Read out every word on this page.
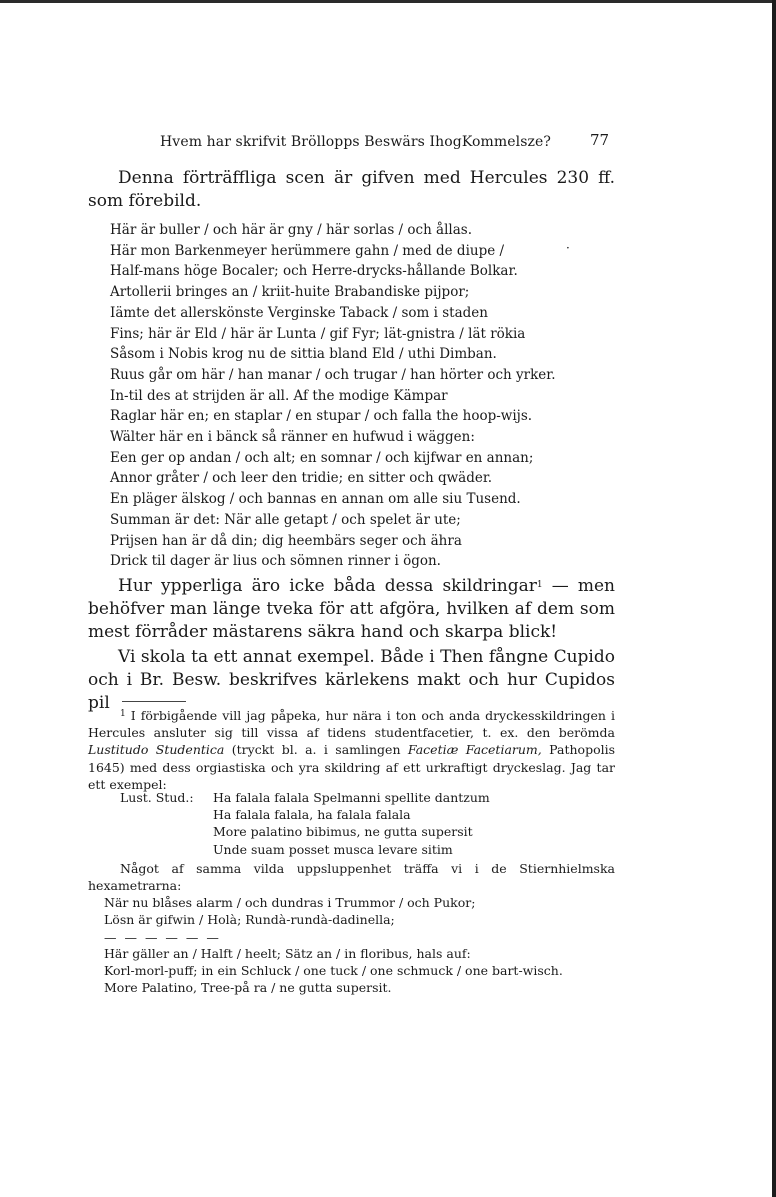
Hvem har skrifvit Bröllopps Beswärs IhogKommelsze?	77
Denna förträffliga scen är gifven med Hercules 230 ff. som förebild.
·
Här är buller / och här är gny / här sorlas / och ållas.
Här mon Barkenmeyer herümmere gahn / med de diupe /
Half-mans höge Bocaler; och Herre-drycks-hållande Bolkar.
Artollerii bringes an / kriit-huite Brabandiske pijpor;
Iämte det allerskönste Verginske Taback / som i staden
Fins; här är Eld / här är Lunta / gif Fyr; lät-gnistra / lät rökia
Såsom i Nobis krog nu de sittia bland Eld / uthi Dimban.
Ruus går om här / han manar / och trugar / han hörter och yrker.
In-til des at strijden är all. Af the modige Kämpar
Raglar här en; en staplar / en stupar / och falla the hoop-wijs.
Wälter här en i bänck så ränner en hufwud i wäggen:
Een ger op andan / och alt; en somnar / och kijfwar en annan;
Annor gråter / och leer den tridie; en sitter och qwäder.
En pläger älskog / och bannas en annan om alle siu Tusend.
Summan är det: När alle getapt / och spelet är ute;
Prijsen han är då din; dig heembärs seger och ähra
Drick til dager är lius och sömnen rinner i ögon.
Hur ypperliga äro icke båda dessa skildringar$^1$ — men behöfver man länge tveka för att afgöra, hvilken af dem som mest förråder mästarens säkra hand och skarpa blick!
Vi skola ta ett annat exempel. Både i Then fångne Cupido och i Br. Besw. beskrifves kärlekens makt och hur Cupidos pil
$^1$ I förbigående vill jag påpeka, hur nära i ton och anda dryckesskildringen i Hercules ansluter sig till vissa af tidens studentfacetier, t. ex. den berömda Lustitudo Studentica (tryckt bl. a. i samlingen Facetiæ Facetiarum, Pathopolis 1645) med dess orgiastiska och yra skildring af ett urkraftigt dryckeslag. Jag tar ett exempel:
Lust. Stud.: Ha falala falala Spelmanni spellite dantzum
Ha falala falala, ha falala falala
More palatino bibimus, ne gutta supersit
Unde suam posset musca levare sitim
Något af samma vilda uppsluppenhet träffa vi i de Stiernhielmska hexametrarna:
När nu blåses alarm / och dundras i Trummor / och Pukor;
Lösn är gifwin / Holà; Rundà-rundà-dadinella;
— — — — — —
Här gäller an / Halft / heelt; Sätz an / in floribus, hals auf:
Korl-morl-puff; in ein Schluck / one tuck / one schmuck / one bart-wisch.
More Palatino, Tree-på ra / ne gutta supersit.
